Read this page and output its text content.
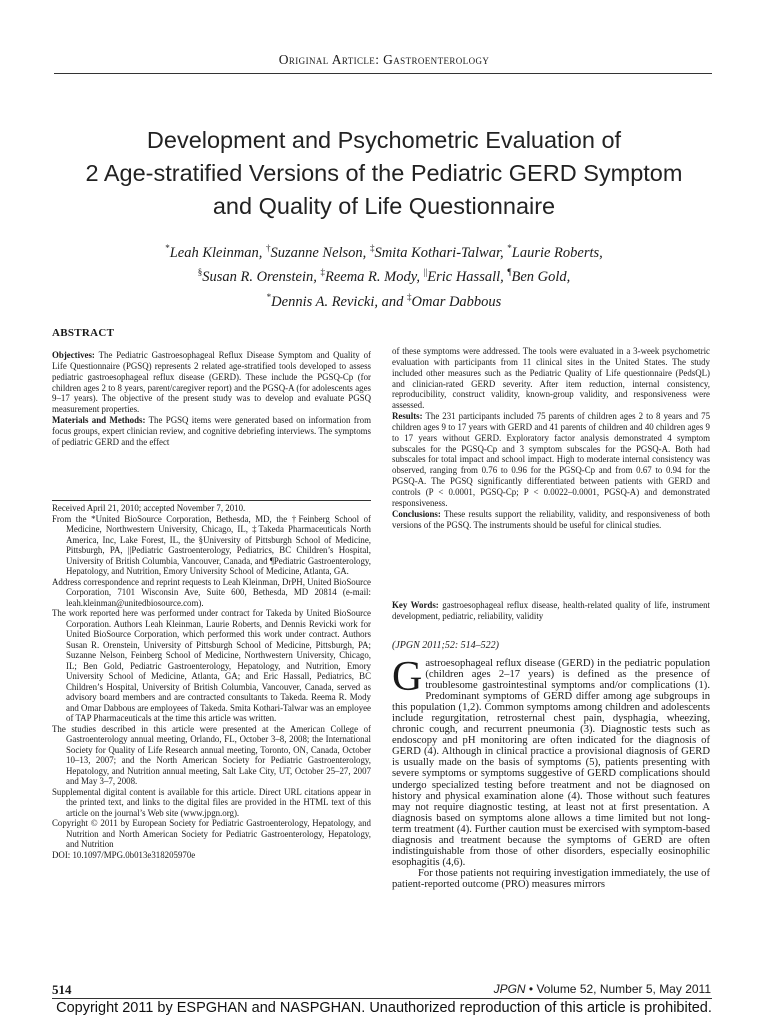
Original Article: Gastroenterology
Development and Psychometric Evaluation of
2 Age-stratified Versions of the Pediatric GERD Symptom
and Quality of Life Questionnaire
*Leah Kleinman, †Suzanne Nelson, ‡Smita Kothari-Talwar, *Laurie Roberts,
§Susan R. Orenstein, ‡Reema R. Mody, ||Eric Hassall, ¶Ben Gold,
*Dennis A. Revicki, and ‡Omar Dabbous
ABSTRACT

Objectives: The Pediatric Gastroesophageal Reflux Disease Symptom and Quality of Life Questionnaire (PGSQ) represents 2 related age-stratified tools developed to assess pediatric gastroesophageal reflux disease (GERD). These include the PGSQ-Cp (for children ages 2 to 8 years, parent/caregiver report) and the PGSQ-A (for adolescents ages 9–17 years). The objective of the present study was to develop and evaluate PGSQ measurement properties.

Materials and Methods: The PGSQ items were generated based on information from focus groups, expert clinician review, and cognitive debriefing interviews. The symptoms of pediatric GERD and the effect

of these symptoms were addressed. The tools were evaluated in a 3-week psychometric evaluation with participants from 11 clinical sites in the United States. The study included other measures such as the Pediatric Quality of Life questionnaire (PedsQL) and clinician-rated GERD severity. After item reduction, internal consistency, reproducibility, construct validity, known-group validity, and responsiveness were assessed.

Results: The 231 participants included 75 parents of children ages 2 to 8 years and 75 children ages 9 to 17 years with GERD and 41 parents of children and 40 children ages 9 to 17 years without GERD. Exploratory factor analysis demonstrated 4 symptom subscales for the PGSQ-Cp and 3 symptom subscales for the PGSQ-A. Both had subscales for total impact and school impact. High to moderate internal consistency was observed, ranging from 0.76 to 0.96 for the PGSQ-Cp and from 0.67 to 0.94 for the PGSQ-A. The PGSQ significantly differentiated between patients with GERD and controls (P < 0.0001, PGSQ-Cp; P < 0.0022–0.0001, PGSQ-A) and demonstrated responsiveness.

Conclusions: These results support the reliability, validity, and responsiveness of both versions of the PGSQ. The instruments should be useful for clinical studies.

Key Words: gastroesophageal reflux disease, health-related quality of life, instrument development, pediatric, reliability, validity
(JPGN 2011;52: 514–522)

Received April 21, 2010; accepted November 7, 2010.

From the *United BioSource Corporation, Bethesda, MD, the †Feinberg School of Medicine, Northwestern University, Chicago, IL, ‡Takeda Pharmaceuticals North America, Inc, Lake Forest, IL, the §University of Pittsburgh School of Medicine, Pittsburgh, PA, ||Pediatric Gastroenterology, Pediatrics, BC Children’s Hospital, University of British Columbia, Vancouver, Canada, and ¶Pediatric Gastroenterology, Hepatology, and Nutrition, Emory University School of Medicine, Atlanta, GA.

Address correspondence and reprint requests to Leah Kleinman, DrPH, United BioSource Corporation, 7101 Wisconsin Ave, Suite 600, Bethesda, MD 20814 (e-mail: leah.kleinman@unitedbiosource.com).

The work reported here was performed under contract for Takeda by United BioSource Corporation. Authors Leah Kleinman, Laurie Roberts, and Dennis Revicki work for United BioSource Corporation, which performed this work under contract. Authors Susan R. Orenstein, University of Pittsburgh School of Medicine, Pittsburgh, PA; Suzanne Nelson, Feinberg School of Medicine, Northwestern University, Chicago, IL; Ben Gold, Pediatric Gastroenterology, Hepatology, and Nutrition, Emory University School of Medicine, Atlanta, GA; and Eric Hassall, Pediatrics, BC Children’s Hospital, University of British Columbia, Vancouver, Canada, served as advisory board members and are contracted consultants to Takeda. Reema R. Mody and Omar Dabbous are employees of Takeda. Smita Kothari-Talwar was an employee of TAP Pharmaceuticals at the time this article was written.

The studies described in this article were presented at the American College of Gastroenterology annual meeting, Orlando, FL, October 3–8, 2008; the International Society for Quality of Life Research annual meeting, Toronto, ON, Canada, October 10–13, 2007; and the North American Society for Pediatric Gastroenterology, Hepatology, and Nutrition annual meeting, Salt Lake City, UT, October 25–27, 2007 and May 3–7, 2008.

Supplemental digital content is available for this article. Direct URL citations appear in the printed text, and links to the digital files are provided in the HTML text of this article on the journal’s Web site (www.jpgn.org).

Copyright © 2011 by European Society for Pediatric Gastroenterology, Hepatology, and Nutrition and North American Society for Pediatric Gastroenterology, Hepatology, and Nutrition

DOI: 10.1097/MPG.0b013e318205970e

Gastroesophageal reflux disease (GERD) in the pediatric population (children ages 2–17 years) is defined as the presence of troublesome gastrointestinal symptoms and/or complications (1). Predominant symptoms of GERD differ among age subgroups in this population (1,2). Common symptoms among children and adolescents include regurgitation, retrosternal chest pain, dysphagia, wheezing, chronic cough, and recurrent pneumonia (3). Diagnostic tests such as endoscopy and pH monitoring are often indicated for the diagnosis of GERD (4). Although in clinical practice a provisional diagnosis of GERD is usually made on the basis of symptoms (5), patients presenting with severe symptoms or symptoms suggestive of GERD complications should undergo specialized testing before treatment and not be diagnosed on history and physical examination alone (4). Those without such features may not require diagnostic testing, at least not at first presentation. A diagnosis based on symptoms alone allows a time limited but not long-term treatment (4). Further caution must be exercised with symptom-based diagnosis and treatment because the symptoms of GERD are often indistinguishable from those of other disorders, especially eosinophilic esophagitis (4,6).

For those patients not requiring investigation immediately, the use of patient-reported outcome (PRO) measures mirrors

514	JPGN • Volume 52, Number 5, May 2011
Copyright 2011 by ESPGHAN and NASPGHAN. Unauthorized reproduction of this article is prohibited.
